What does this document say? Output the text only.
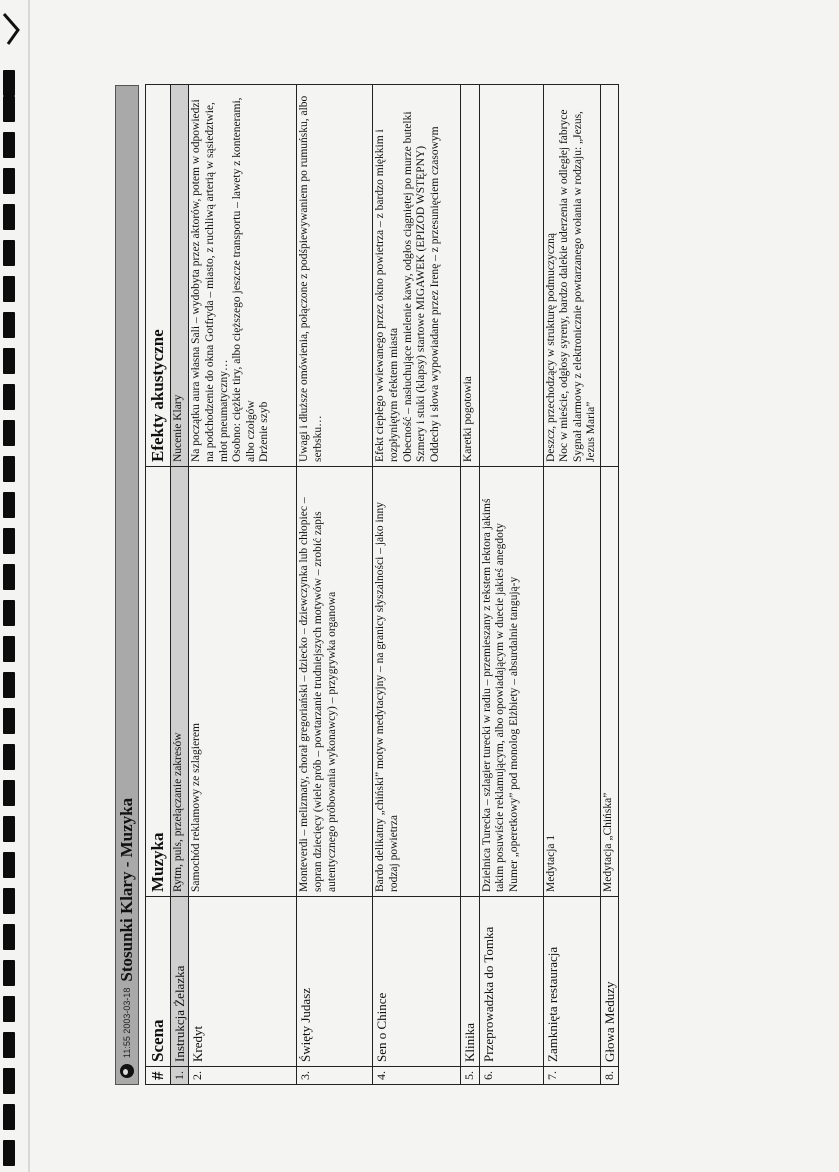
11:55 2003-03-18
Stosunki Klary - Muzyka
#	Scena	Muzyka	Efekty akustyczne
1.	Instrukcja Żelazka	Rytm, puls, przełączanie zakresów	Nucenie Klary

2.	Kredyt	Samochód reklamowy ze szlagierem	Na początku aura własna Sali – wydobyta przez aktorów, potem w odpowiedzi na podchodzenie do okna Gotfryda – miasto, z ruchliwą arterią w sąsiedztwie, młot pneumatyczny… Osobno: ciężkie tiry, albo cięższego jeszcze transportu – lawety z kontenerami, albo czołgów Drżenie szyb

3.	Święty Judasz	Monteverdi – melizmaty, chorał gregoriański – dziecko – dziewczynka lub chłopiec – sopran dziecięcy (wiele prób – powtarzanie trudniejszych motywów – zrobić zapis autentycznego próbowania wykonawcy) – przygrywka organowa	Uwagi i dłuższe omówienia, połączone z podśpiewywaniem po rumuńsku, albo serbsku…

4.	Sen o Chince	Bardo delikatny „chiński” motyw medytacyjny – na granicy słyszalności – jako inny rodzaj powietrza	Efekt ciepłego wwiewanego przez okno powietrza – z bardzo miękkim i rozpłyniętym efektem miasta Obecność – nasłuchujące mielenie kawy, odgłos ciągniętej po murze butelki Szmery i stuki (klapsy) startowe MIGAWEK (EPIZOD WSTĘPNY) Oddechy i słowa wypowiadane przez Irenę – z przesunięciem czasowym

5.	Klinika		Karetki pogotowia

6.	Przeprowadzka do Tomka	Dzielnica Turecka – szlagier turecki w radiu – przemieszany z tekstem lektora jakimś takim posuwiście reklamującym, albo opowiadającym w duecie jakieś anegdoty Numer „operetkowy” pod monolog Elżbiety – absurdalnie tangują-y	

7.	Zamknięta restauracja	Medytacja 1	Deszcz, przechodzący w strukturę podmuczyczną Noc w mieście, odgłosy syreny, bardzo dalekie uderzenia w odległej fabryce Sygnał alarmowy z elektronicznie powtarzanego wołania w rodzaju: „Jezus, Jezus Maria”

8.	Głowa Meduzy	Medytacja „Chińska”	
